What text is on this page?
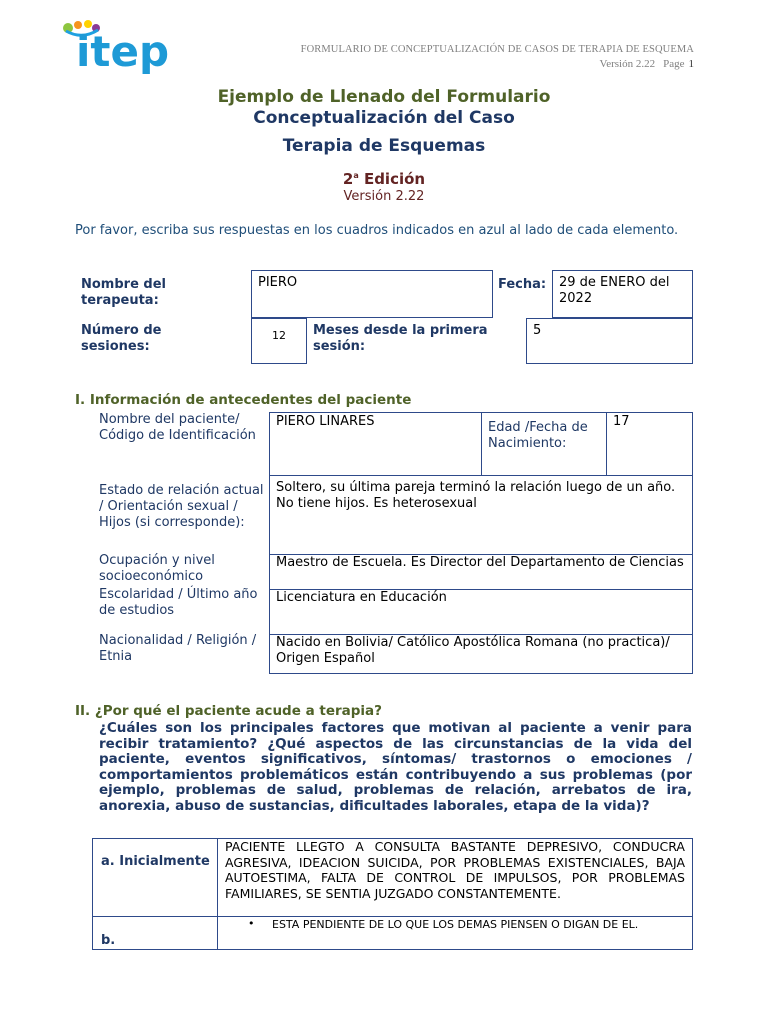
itep	FORMULARIO DE CONCEPTUALIZACIÓN DE CASOS DE TERAPIA DE ESQUEMA
Versión 2.22 Page 1
Ejemplo de Llenado del Formulario
Conceptualización del Caso
Terapia de Esquemas
2$^a$ Edición
Versión 2.22
Por favor, escriba sus respuestas en los cuadros indicados en azul al lado de cada elemento.
Nombre del terapeuta:
PIERO	Fecha: 29 de ENERO del 2022
Número de sesiones:
12	Meses desde la primera sesión:
5
I. Información de antecedentes del paciente
Nombre del paciente/ Código de Identificación
PIERO LINARES	Edad /Fecha de Nacimiento:
17
Estado de relación actual / Orientación sexual / Hijos (si corresponde):
Soltero, su última pareja terminó la relación luego de un año. No tiene hijos. Es heterosexual
Ocupación y nivel socioeconómico
Maestro de Escuela. Es Director del Departamento de Ciencias
Escolaridad / Último año de estudios
Licenciatura en Educación
Nacionalidad / Religión / Etnia
Nacido en Bolivia/ Católico Apostólica Romana (no practica)/ Origen Español
II. ¿Por qué el paciente acude a terapia?
¿Cuáles son los principales factores que motivan al paciente a venir para recibir tratamiento? ¿Qué aspectos de las circunstancias de la vida del paciente, eventos significativos, síntomas/ trastornos o emociones / comportamientos problemáticos están contribuyendo a sus problemas (por ejemplo, problemas de salud, problemas de relación, arrebatos de ira, anorexia, abuso de sustancias, dificultades laborales, etapa de la vida)?
a. Inicialmente
PACIENTE LLEGTO A CONSULTA BASTANTE DEPRESIVO, CONDUCRA AGRESIVA, IDEACION SUICIDA, POR PROBLEMAS EXISTENCIALES, BAJA AUTOESTIMA, FALTA DE CONTROL DE IMPULSOS, POR PROBLEMAS FAMILIARES, SE SENTIA JUZGADO CONSTANTEMENTE.
b.
• ESTA PENDIENTE DE LO QUE LOS DEMAS PIENSEN O DIGAN DE EL.
